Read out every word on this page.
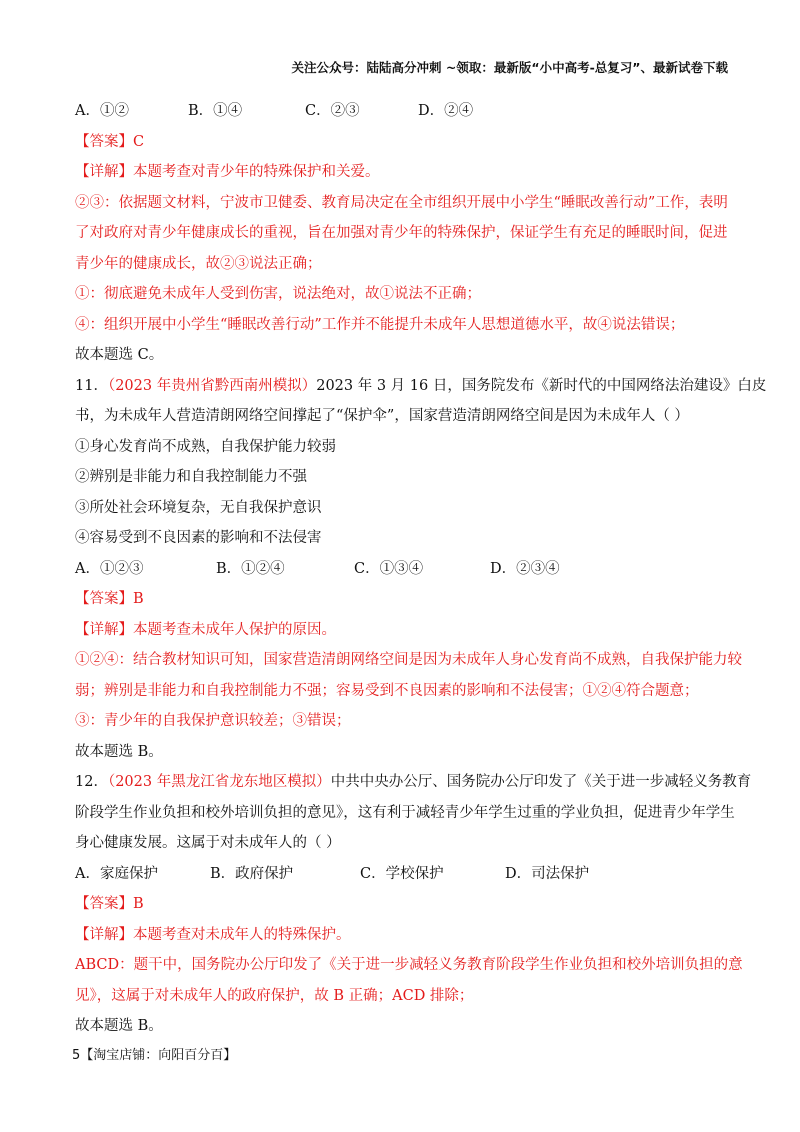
关注公众号：陆陆高分冲刺 ~领取：最新版“小中高考-总复习”、最新试卷下载
A．①②	B．①④	C．②③	D．②④
【答案】C
【详解】本题考查对青少年的特殊保护和关爱。
②③：依据题文材料，宁波市卫健委、教育局决定在全市组织开展中小学生“睡眠改善行动”工作，表明
了对政府对青少年健康成长的重视，旨在加强对青少年的特殊保护，保证学生有充足的睡眠时间，促进
青少年的健康成长，故②③说法正确；
①：彻底避免未成年人受到伤害，说法绝对，故①说法不正确；
④：组织开展中小学生“睡眠改善行动”工作并不能提升未成年人思想道德水平，故④说法错误；
故本题选 C。
11．（2023 年贵州省黔西南州模拟）2023 年 3 月 16 日，国务院发布《新时代的中国网络法治建设》白皮
书，为未成年人营造清朗网络空间撑起了“保护伞”，国家营造清朗网络空间是因为未成年人（ ）
①身心发育尚不成熟，自我保护能力较弱
②辨别是非能力和自我控制能力不强
③所处社会环境复杂，无自我保护意识
④容易受到不良因素的影响和不法侵害
A．①②③	B．①②④	C．①③④	D．②③④
【答案】B
【详解】本题考查未成年人保护的原因。
①②④：结合教材知识可知，国家营造清朗网络空间是因为未成年人身心发育尚不成熟，自我保护能力较
弱；辨别是非能力和自我控制能力不强；容易受到不良因素的影响和不法侵害；①②④符合题意；
③：青少年的自我保护意识较差；③错误；
故本题选 B。
12．（2023 年黑龙江省龙东地区模拟）中共中央办公厅、国务院办公厅印发了《关于进一步减轻义务教育
阶段学生作业负担和校外培训负担的意见》，这有利于减轻青少年学生过重的学业负担，促进青少年学生
身心健康发展。这属于对未成年人的（ ）
A．家庭保护	B．政府保护	C．学校保护	D．司法保护
【答案】B
【详解】本题考查对未成年人的特殊保护。
ABCD：题干中，国务院办公厅印发了《关于进一步减轻义务教育阶段学生作业负担和校外培训负担的意
见》，这属于对未成年人的政府保护，故 B 正确；ACD 排除；
故本题选 B。
5【淘宝店铺：向阳百分百】
